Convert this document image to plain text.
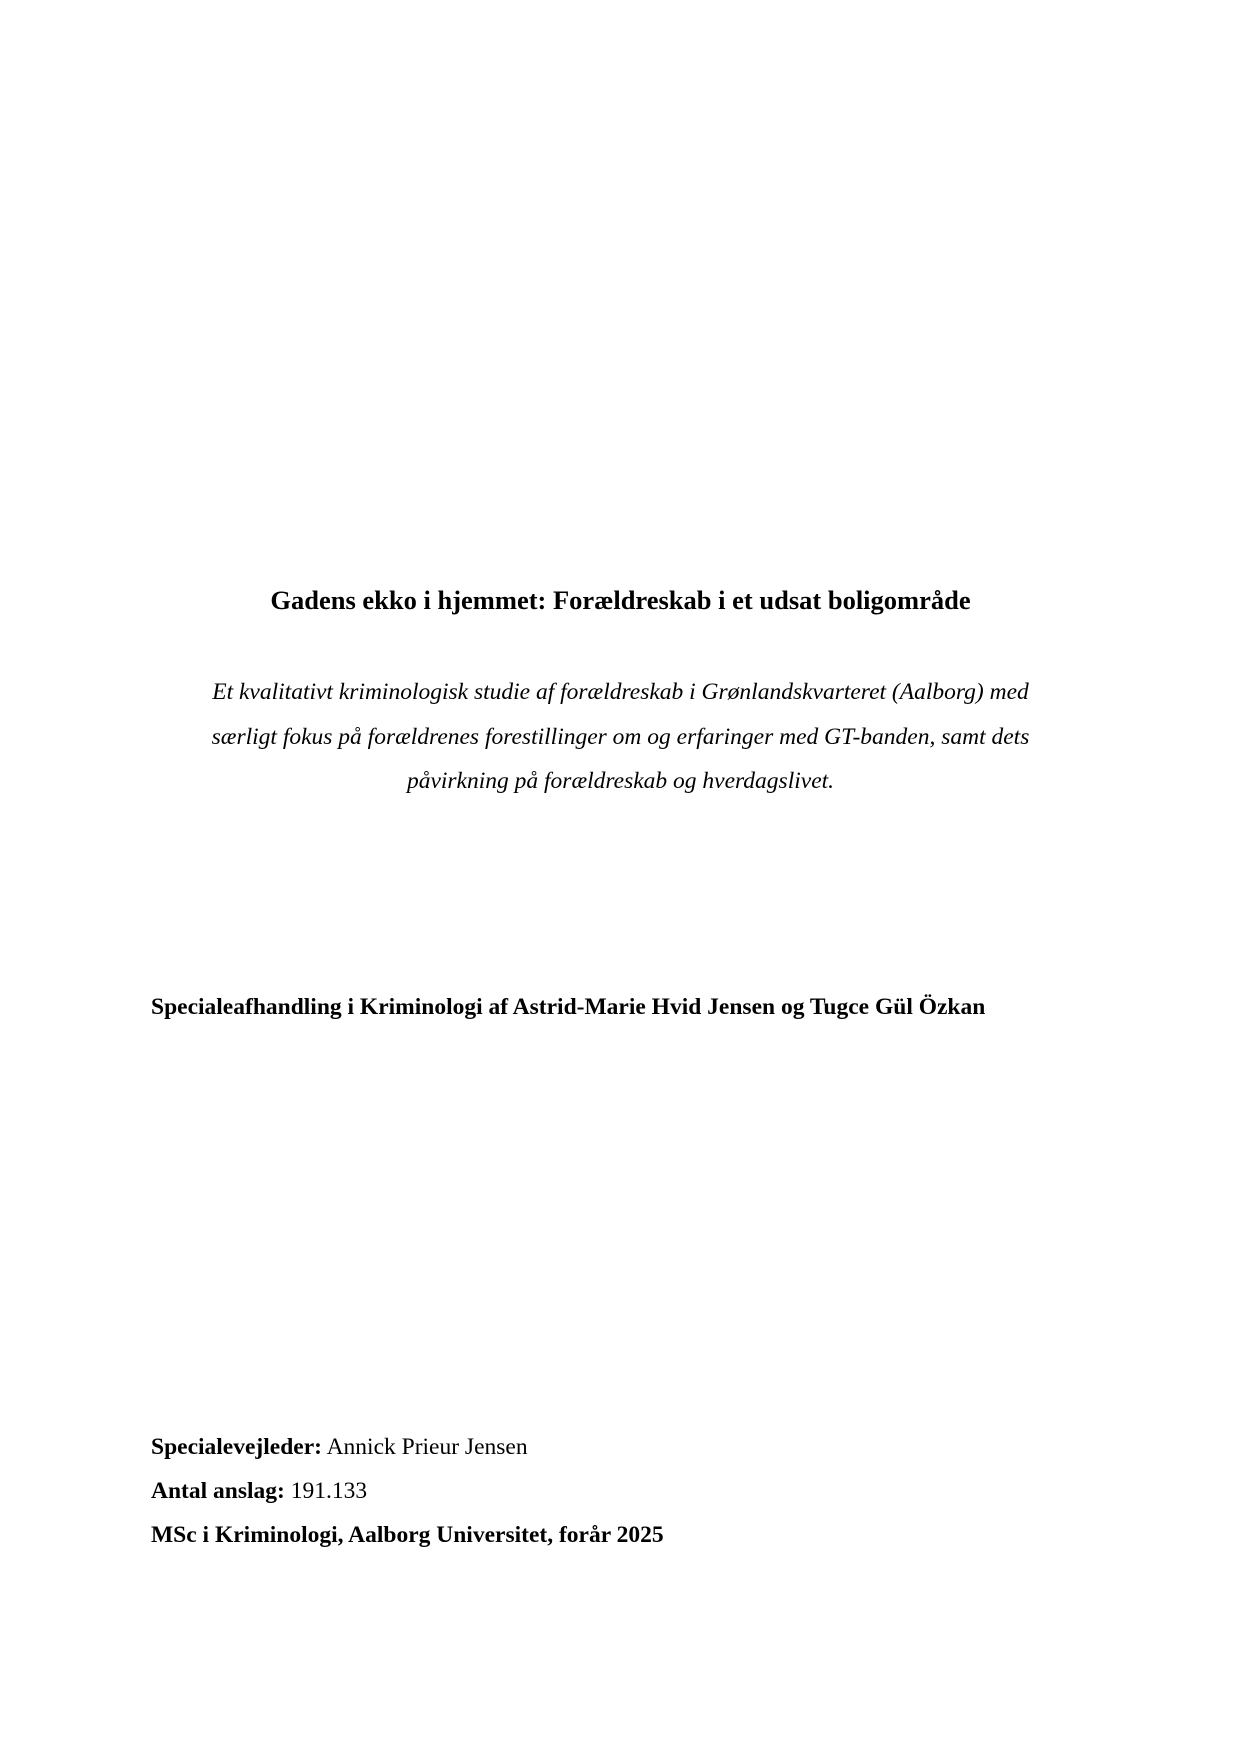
Gadens ekko i hjemmet: Forældreskab i et udsat boligområde

Et kvalitativt kriminologisk studie af forældreskab i Grønlandskvarteret (Aalborg) med
særligt fokus på forældrenes forestillinger om og erfaringer med GT-banden, samt dets
påvirkning på forældreskab og hverdagslivet.

Specialeafhandling i Kriminologi af Astrid-Marie Hvid Jensen og Tugce Gül Özkan

Specialevejleder: Annick Prieur Jensen
Antal anslag: 191.133
MSc i Kriminologi, Aalborg Universitet, forår 2025
